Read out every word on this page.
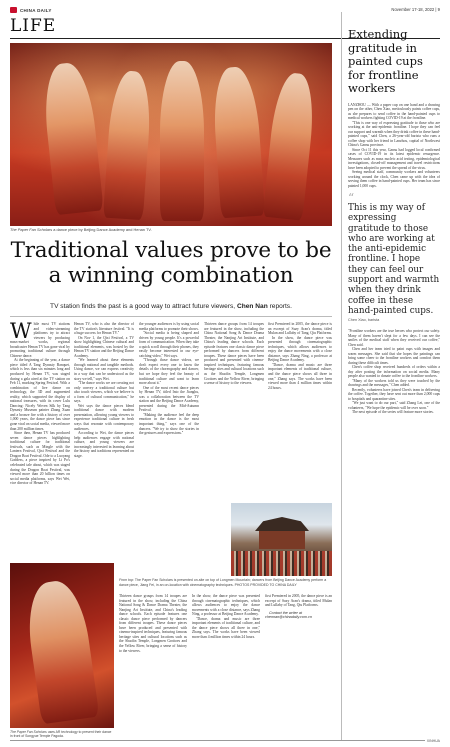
CHINA DAILY	November 17-18, 2022 | 9
LIFE
The Paper Fan Scholars a dance piece by Beijing Dance Academy and Henan TV.
Traditional values prove to be a winning combination
TV station finds the past is a good way to attract future viewers, Chen Nan reports.
W hile most TV stations and video-streaming platforms try to attract viewers by producing mass-market works, regional broadcaster Henan TV has gone viral by promoting traditional culture through Chinese dance.

At the beginning of the year, a dance piece titled A Tang Dynasty Banquet, which is less than six minutes long and produced by Henan TV, was staged during a gala aired at the TV station on Feb 11, marking Spring Festival. With a combination of live dance on technology, the 3D and augmented reality, which supported the display of national treasures, with its cover Lulu Dancing: Nicely Woven Silk by Tang Dynasty Museum painter Zhang Xuan and a bronze fire with a history of over 1,000 years, the dance piece has since gone viral on social media, viewed more than 200 million times.

Since then, Henan TV has produced seven dance pieces highlighting traditional culture for traditional festivals, such as Mingle with the Lantern Festival, Qixi Festival and the Dragon Boat Festival. Ode to a Luoyang Goddess, a piece inspired by Li Po's celebrated tale about, which was staged during the Dragon Boat Festival, was viewed more than 20 billion times on social media platforms, says Wei Wei, vice director of Henan TV.

Henan TV, who is also the director of the TV station's literature festival. "It is a huge success for Henan TV."

On Nov 1, the Qixi Festival, a TV show highlighting Chinese cultural and traditional elements, was hosted by the Henan TV station and the Beijing Dance Academy.

"We learned about these elements through national and tangible methods. Using dance, we can express creativity in a way that can be understood as the story we tell," says Wei.

"The dance works we are creating not only convey a traditional culture but also touch viewers, which we believe is a form of cultural communication," he says.

Wei says the dance pieces blend traditional dance with modern presentation, allowing young viewers to experience traditional culture in fresh ways that resonate with contemporary audiences.

According to Wei, the dance pieces help audiences engage with national culture, and young viewers are increasingly interested in learning about the history and traditions represented on stage.

the younger audiences is by using social media platforms to promote their shows.

"Social media is being shaped and driven by young people. It's a powerful form of communication. When they take a quick scroll through their phones, they easily become interested in our eye-catching video," Wei says.

"Through those dance videos, we don't expect every one to know the details of the choreography and dancer, but we hope they feel the beauty of traditional culture and want to learn more about it."

One of the most recent dance pieces by Henan TV, titled Into the Jianghu, was a collaboration between the TV station and the Beijing Dance Academy, presented during the Mid-Autumn Festival.

"Making the audience feel the deep emotion in the dance is the most important thing," says one of the dancers. "We try to show the stories in the gestures and expressions."

Thirteen dance groups from 14 troupes are featured in the show, including the China National Song & Dance Drama Theater, the Nanjing Art Institute, and China's leading dance schools. Each episode features one classic dance piece performed by dancers from different troupes. These dance pieces have been produced and presented with cinema-inspired techniques, featuring famous heritage sites and cultural locations such as the Shaolin Temple, Longmen Grottoes and the Yellow River, bringing a sense of history to the viewers.

first Premiered in 2005, the dance piece is an excerpt of Suzy Aran's drama, titled Mulan and Lullaby of Tang, Qiu Platforms.

In the show, the dance piece was presented through cinematographic techniques, which allows audiences to enjoy the dance movements with a close distance, says Zhang Ning, a professor at Beijing Dance Academy.

"Dance, drama and music are three important elements of traditional culture, and the dance piece shows all three in one," Zhang says. The works have been viewed more than 4 million times within 24 hours.

From top: The Paper Fan Scholars is presented on-site on top of Longmen Mountain; dancers from Beijing Dance Academy perform a dance piece, Jiang Fei, in an on-location with cinematography techniques. PHOTOS PROVIDED TO CHINA DAILY

Thirteen dance groups from 14 troupes are featured in the show, including the China National Song & Dance Drama Theater, the Nanjing Art Institute, and China's leading dance schools. Each episode features one classic dance piece performed by dancers from different troupes. These dance pieces have been produced and presented with cinema-inspired techniques, featuring famous heritage sites and cultural locations such as the Shaolin Temple, Longmen Grottoes and the Yellow River, bringing a sense of history to the viewers.

In the show, the dance piece was presented through cinematographic techniques, which allows audiences to enjoy the dance movements with a close distance, says Zhang Ning, a professor at Beijing Dance Academy.

"Dance, drama and music are three important elements of traditional culture, and the dance piece shows all three in one," Zhang says. The works have been viewed more than 4 million times within 24 hours.

first Premiered in 2005, the dance piece is an excerpt of Suzy Aran's drama, titled Mulan and Lullaby of Tang, Qiu Platforms.

Contact the writer at

chennan@chinadaily.com.cn

The Paper Fan Scholars uses AR technology to present their dance in front of Songyue Temple Pagoda.
Extending gratitude in painted cups for frontline workers

LANZHOU — With a paper cup on one hand and a drawing pen on the other, Chen Xiao, meticulously paints coffee cups, as she prepares to send coffee in the hand-painted cups to medical workers fighting COVID-19 at the frontline.

"This is one way of expressing gratitude to those who are working at the anti-epidemic frontline. I hope they can feel our support and warmth when they drink coffee in these hand-painted cups," said Chen, a 26-year-old barista who runs a coffee shop with her friend in Lanzhou, capital of Northwest China's Gansu province.

Since Oct 11 this year, Gansu had logged local confirmed cases of COVID-19 in its latest epidemic resurgence. Measures such as mass nucleic acid testing, epidemiological investigations, closed-off management and travel restrictions have been adopted to prevent the spread of the virus.

Seeing medical staff, community workers and volunteers working around the clock, Chen came up with the idea of serving them coffee in hand-painted cups. Her team has since painted 1,000 cups.

“
This is my way of expressing gratitude to those who are working at the anti-epidemic frontline. I hope they can feel our support and warmth when they drink coffee in these hand-painted cups.
Chen Xiao, barista

"Frontline workers are the true heroes who protect our safety. Many of them haven't slept for a few days. I can see the smiles of the medical staff when they received our coffee," Chen said.

Chen and her team tried to paint cups with images and warm messages. She said that she hopes the paintings can bring some cheer to the frontline workers and comfort them during these difficult times.

Chen's coffee shop received hundreds of orders within a day after posting the information on social media. Many people also wanted to donate coffee to the frontline workers.

"Many of the workers told us they were touched by the drawings and the messages," Chen added.

Recently, volunteers have joined Chen's team in delivering the coffee. Together, they have sent out more than 2,000 cups to hospitals and quarantine sites.

"We just want to do our part," said Zhang Lei, one of the volunteers, "We hope the epidemic will be over soon."

The next episode of the series will feature more stories.

XINHUA
